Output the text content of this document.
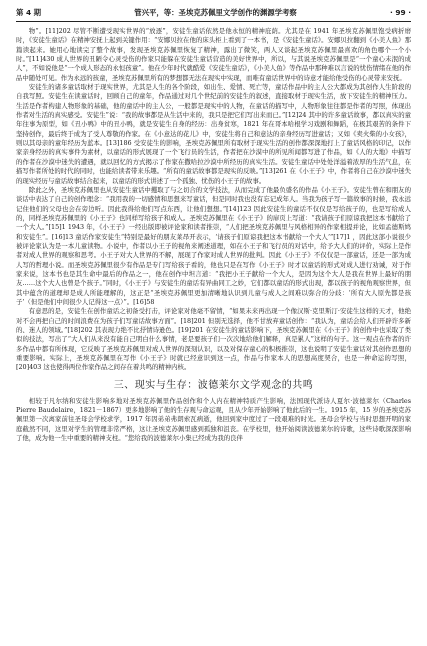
第 4 期	管兴平，等：圣埃克苏佩里文学创作的渊源学考察	· 99 ·

物”。[11]202 尽管不断遭受现实世界的“放逐”，安徒生童话依然是他永恒的精神庇荫。尤其是在 1941 年圣埃克苏佩里饱受病折磨时，《安徒生童话》在精神安抚上起到关键作用：“安娜贝拉在他的床头柜上看到了一本书，是《安徒生童话》。安娜贝拉翻到《小美人鱼》那篇读起来。她用心地读完了整个故事，发现圣埃克苏佩里恢复了精神，露出了微笑，两人又谈起圣埃克苏佩里最喜欢的角色哪个一个小时。”[11]430 成人世界的丑陋令心灵受伤的作家只能躲在安徒生童话营造的美好世界中，所以，与其说圣埃克苏佩里是“一个童心未泯的成人”，不如说他是“一个成人形态的永恒孩童”。他在少年时代就酷爱《安徒生童话》，《小美人鱼》等作品中那种难以言说的忧伤情绪在他的作品中随处可见。作为永远的孩童，圣埃克苏佩里所有的梦想都无法在现实中实现，而唯有童话世界中的诗意才能给他受伤的心灵带来安抚。

安徒生的诸多童话取材于现实世界，尤其是人生的各个阶段，如出生、爱情、死亡等，童话作品中的主人公大都成为其创作人生阶段的自我写照。安徒生在读童话时，回顾自己的童年，作品通过对几个世纪前的安徒生的叙述，直接取材于现实生活，放下安徒生的精神压力。生活是作者构建人物形象的基础，他的童话中的主人公，一般都是现实中的人物，在童话的描写中，人物形象往往都是作者的写照，体现出作者对生活的真实感受。安徒生”说：“我的故事都是从生活中来的，我只是把它们写出来而已。”[12]24 其中的许多童话故事，都以真实的童年往事为原型，如《丑小鸭》中的丑小鸭，就是安徒生自身的经历：出身贫寒，1821 年在哥本哈根学习戏剧和舞蹈，在极其艰苦的条件下坚持创作，最后终于成为了受人尊敬的作家。在《小意达的花儿》中，安徒生将自己和意达的亲身经历写进童话；又如《卖火柴的小女孩》，则以其母亲的童年经历为蓝本。[13]186 受安徒生的影响，圣埃克苏佩里所有取材于现实生活的创作都深深地打上了童话风格的印记，以作家亲身经历的真实事件为素材，以童话的形式展现了一个飞行员的生活，作者把在沙漠中的所见所闻都写进了作品，如《人的大地》中描写的作者在沙漠中迷失的遭遇，就以回忆的方式揭示了作家在撒哈拉沙漠中所经历的真实生活。安徒生童话中处处洋溢着浓厚的生活气息，在描写作者所处的时代的同时，也能给读者带来乐趣。“所有的童话故事都是现实的反映。”[13]261 在《小王子》中，作者将自己在沙漠中迷失的现实经历与童话故事结合起来，以童话的形式讲述了一个孤独、忧伤的小王子的故事。

除此之外，圣埃克苏佩里也从安徒生童话中攫取了与之切合的文学技法，从而完成了他最负盛名的作品《小王子》。安徒生曾在和朋友的谈话中表达了自己的创作理念：“我用我的一切感情和思想来写童话，但是同时我也没有忘记成年人。当我为孩子写一篇故事的时候，我永远记住他们的父母也会在旁边听。因此我得给他们写点东西，让他们想想。”[14]123 因此安徒生的童话不仅仅是写给孩子的，也是写给成人的，同样圣埃克苏佩里的《小王子》也同样写给孩子和成人。圣埃克苏佩里在《小王子》的扉页上写道：“我请孩子们原谅我把这本书献给了一个大人。”[15]1 1943 年，《小王子》一经出版即被评论家和读者推崇，“人们把圣埃克苏佩里与风格相异的作家相提并论，比如孟德斯鸠和安徒生”。[16]13 童话作家安徒生“特别是最好的朋友莱昂开表示，‘请孩子们原谅我把这本书献给一个大人’”[17]1 ，因此这部小说很少被评论家认为是一本儿童读物。小说中，作者以小王子的视角来阐述道理，如在小王子和飞行员的对话中，给予大人们的评价，实际上是作者对成人世界的观察和思考。小王子对大人世界的不解，展现了作家对成人世界的批判。因此《小王子》不仅仅是一部童话，还是一部为成人写的哲理小说。而圣埃克苏佩里很少有作品是专门写给孩子看的，他也只是在写作《小王子》时才以童话的形式对成人进行劝诫，对于作家来说，这本书也是其生命中最后的作品之一，他在创作中坦言道：“我把小王子献给一个大人，是因为这个大人是我在世界上最好的朋友……这个大人也曾是个孩子。”同时，《小王子》与安徒生的童话有异曲同工之妙，它们都以童话的形式出现，都以孩子的视角观察世界，但其中蕴含的道理却是成人所能理解的，这正是“圣埃克苏佩里更加清晰地认识到儿童与成人之间难以弥合的分歧：‘所有大人原先都是孩子’（但是他们中间很少人记得这一点）”。[16]58

有意思的是，安徒生在创作童话之初备受打击，评论家对他毫不留情，“如果未来再出现一个像汉斯·克里斯汀·安徒生这样的天才，他绝对不会再把自己的时间浪费在为孩子们写童话故事方面”。[18]201 但别无选择，他不甘放弃童话创作：“我认为，童话会给人们开辟许多新的、迷人的领域。”[18]202 其表现力绝不比抒情诗逊色。[19]201 在安徒生的童话影响下，圣埃克苏佩里在《小王子》的创作中也采取了类似的技法，写出了“大人们从来没有能自己明白什么事情，老是要孩子们一次次地给他们解释，真是累人”这样的句子。这一观点在作者的许多作品中都有所体现，它反映了圣埃克苏佩里对成人世界的深刻认识，以及对保存童心的积极推崇，这也说明了安徒生童话对其创作思想的重要影响。实际上，圣埃克苏佩里在写作《小王子》时就已经意识到这一点，作品与作家本人的思想高度契合，也是一种命运的写照，[20]403 这也使得两位作家作品之间存在着共鸣的精神内核。

三、现实与生存：波德莱尔文学观念的共鸣

相较于凡尔纳和安徒生影响多地对圣埃克苏佩里作品创作和个人内在精神特质产生影响，法国现代派诗人夏尔·波德莱尔（Charles Pierre Baudelaire，1821－1867）更多地影响了他的生存观与命运观，且从少年开始影响了他此后的一生。1915 年，15 岁的圣埃克苏佩里第一次离家前往圣母会学校求学，1917 年因弟弟弗朗索瓦病逝，他回到家中度过了一段艰难的时光。圣母会学校与当时思想开明的家庭截然不同，这里对学生的管理非常严格，这让圣埃克苏佩里感到孤独和沮丧。在学校里，他开始阅读波德莱尔的诗歌，这些诗歌深深影响了他，成为他一生中重要的精神支柱。“您给我的波德莱尔小集已经成为我的良伴
